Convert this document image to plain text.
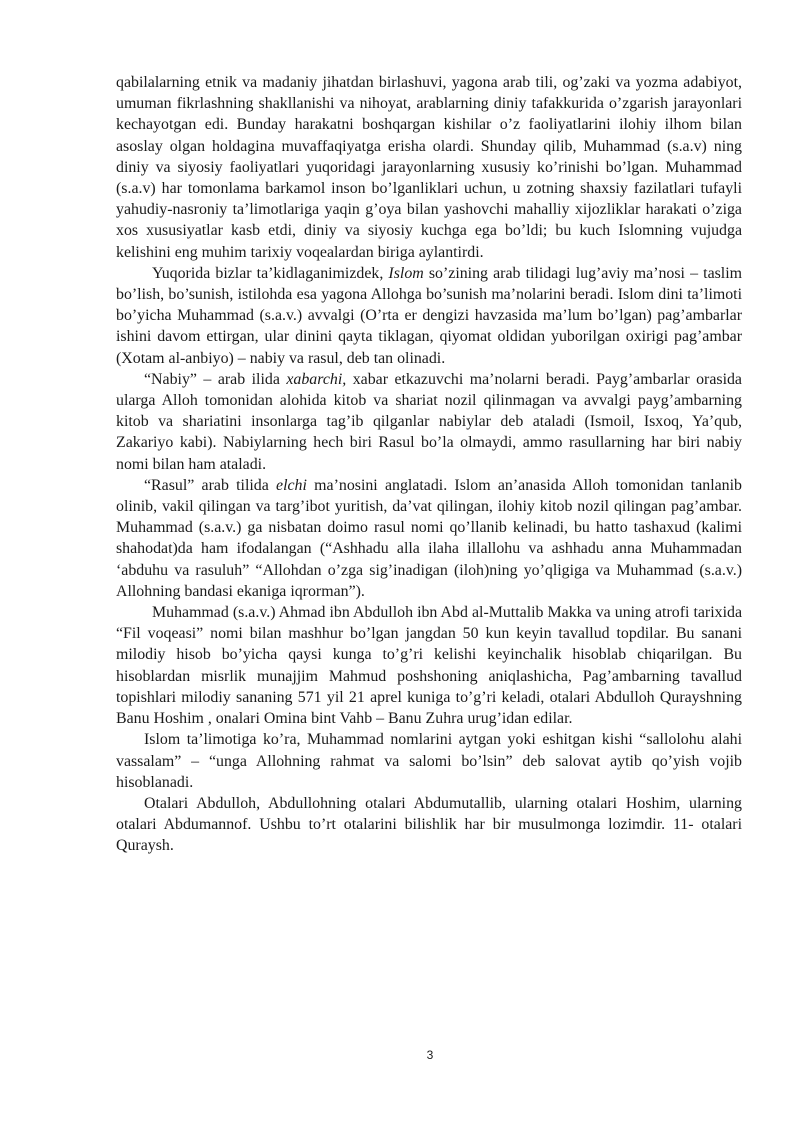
qabilalarning etnik va madaniy jihatdan birlashuvi, yagona arab tili, og’zaki va yozma adabiyot, umuman fikrlashning shakllanishi va nihoyat, arablarning diniy tafakkurida o’zgarish jarayonlari kechayotgan edi. Bunday harakatni boshqargan kishilar o’z faoliyatlarini ilohiy ilhom bilan asoslay olgan holdagina muvaffaqiyatga erisha olardi. Shunday qilib, Muhammad (s.a.v) ning diniy va siyosiy faoliyatlari yuqoridagi jarayonlarning xususiy ko’rinishi bo’lgan. Muhammad (s.a.v) har tomonlama barkamol inson bo’lganliklari uchun, u zotning shaxsiy fazilatlari tufayli yahudiy-nasroniy ta’limotlariga yaqin g’oya bilan yashovchi mahalliy xijozliklar harakati o’ziga xos xususiyatlar kasb etdi, diniy va siyosiy kuchga ega bo’ldi; bu kuch Islomning vujudga kelishini eng muhim tarixiy voqealardan biriga aylantirdi.

Yuqorida bizlar ta’kidlaganimizdek, Islom so’zining arab tilidagi lug’aviy ma’nosi – taslim bo’lish, bo’sunish, istilohda esa yagona Allohga bo’sunish ma’nolarini beradi. Islom dini ta’limoti bo’yicha Muhammad (s.a.v.) avvalgi (O’rta er dengizi havzasida ma’lum bo’lgan) pag’ambarlar ishini davom ettirgan, ular dinini qayta tiklagan, qiyomat oldidan yuborilgan oxirigi pag’ambar (Xotam al-anbiyo) – nabiy va rasul, deb tan olinadi.

“Nabiy” – arab ilida xabarchi, xabar etkazuvchi ma’nolarni beradi. Payg’ambarlar orasida ularga Alloh tomonidan alohida kitob va shariat nozil qilinmagan va avvalgi payg’ambarning kitob va shariatini insonlarga tag’ib qilganlar nabiylar deb ataladi (Ismoil, Isxoq, Ya’qub, Zakariyo kabi). Nabiylarning hech biri Rasul bo’la olmaydi, ammo rasullarning har biri nabiy nomi bilan ham ataladi.

“Rasul” arab tilida elchi ma’nosini anglatadi. Islom an’anasida Alloh tomonidan tanlanib olinib, vakil qilingan va targ’ibot yuritish, da’vat qilingan, ilohiy kitob nozil qilingan pag’ambar. Muhammad (s.a.v.) ga nisbatan doimo rasul nomi qo’llanib kelinadi, bu hatto tashaxud (kalimi shahodat)da ham ifodalangan (“Ashhadu alla ilaha illallohu va ashhadu anna Muhammadan ‘abduhu va rasuluh” “Allohdan o’zga sig’inadigan (iloh)ning yo’qligiga va Muhammad (s.a.v.) Allohning bandasi ekaniga iqrorman”).

Muhammad (s.a.v.) Ahmad ibn Abdulloh ibn Abd al-Muttalib Makka va uning atrofi tarixida “Fil voqeasi” nomi bilan mashhur bo’lgan jangdan 50 kun keyin tavallud topdilar. Bu sanani milodiy hisob bo’yicha qaysi kunga to’g’ri kelishi keyinchalik hisoblab chiqarilgan. Bu hisoblardan misrlik munajjim Mahmud poshshoning aniqlashicha, Pag’ambarning tavallud topishlari milodiy sananing 571 yil 21 aprel kuniga to’g’ri keladi, otalari Abdulloh Qurayshning Banu Hoshim , onalari Omina bint Vahb – Banu Zuhra urug’idan edilar.

Islom ta’limotiga ko’ra, Muhammad nomlarini aytgan yoki eshitgan kishi “sallolohu alahi vassalam” – “unga Allohning rahmat va salomi bo’lsin” deb salovat aytib qo’yish vojib hisoblanadi.

Otalari Abdulloh, Abdullohning otalari Abdumutallib, ularning otalari Hoshim, ularning otalari Abdumannof. Ushbu to’rt otalarini bilishlik har bir musulmonga lozimdir. 11- otalari Quraysh.

3
